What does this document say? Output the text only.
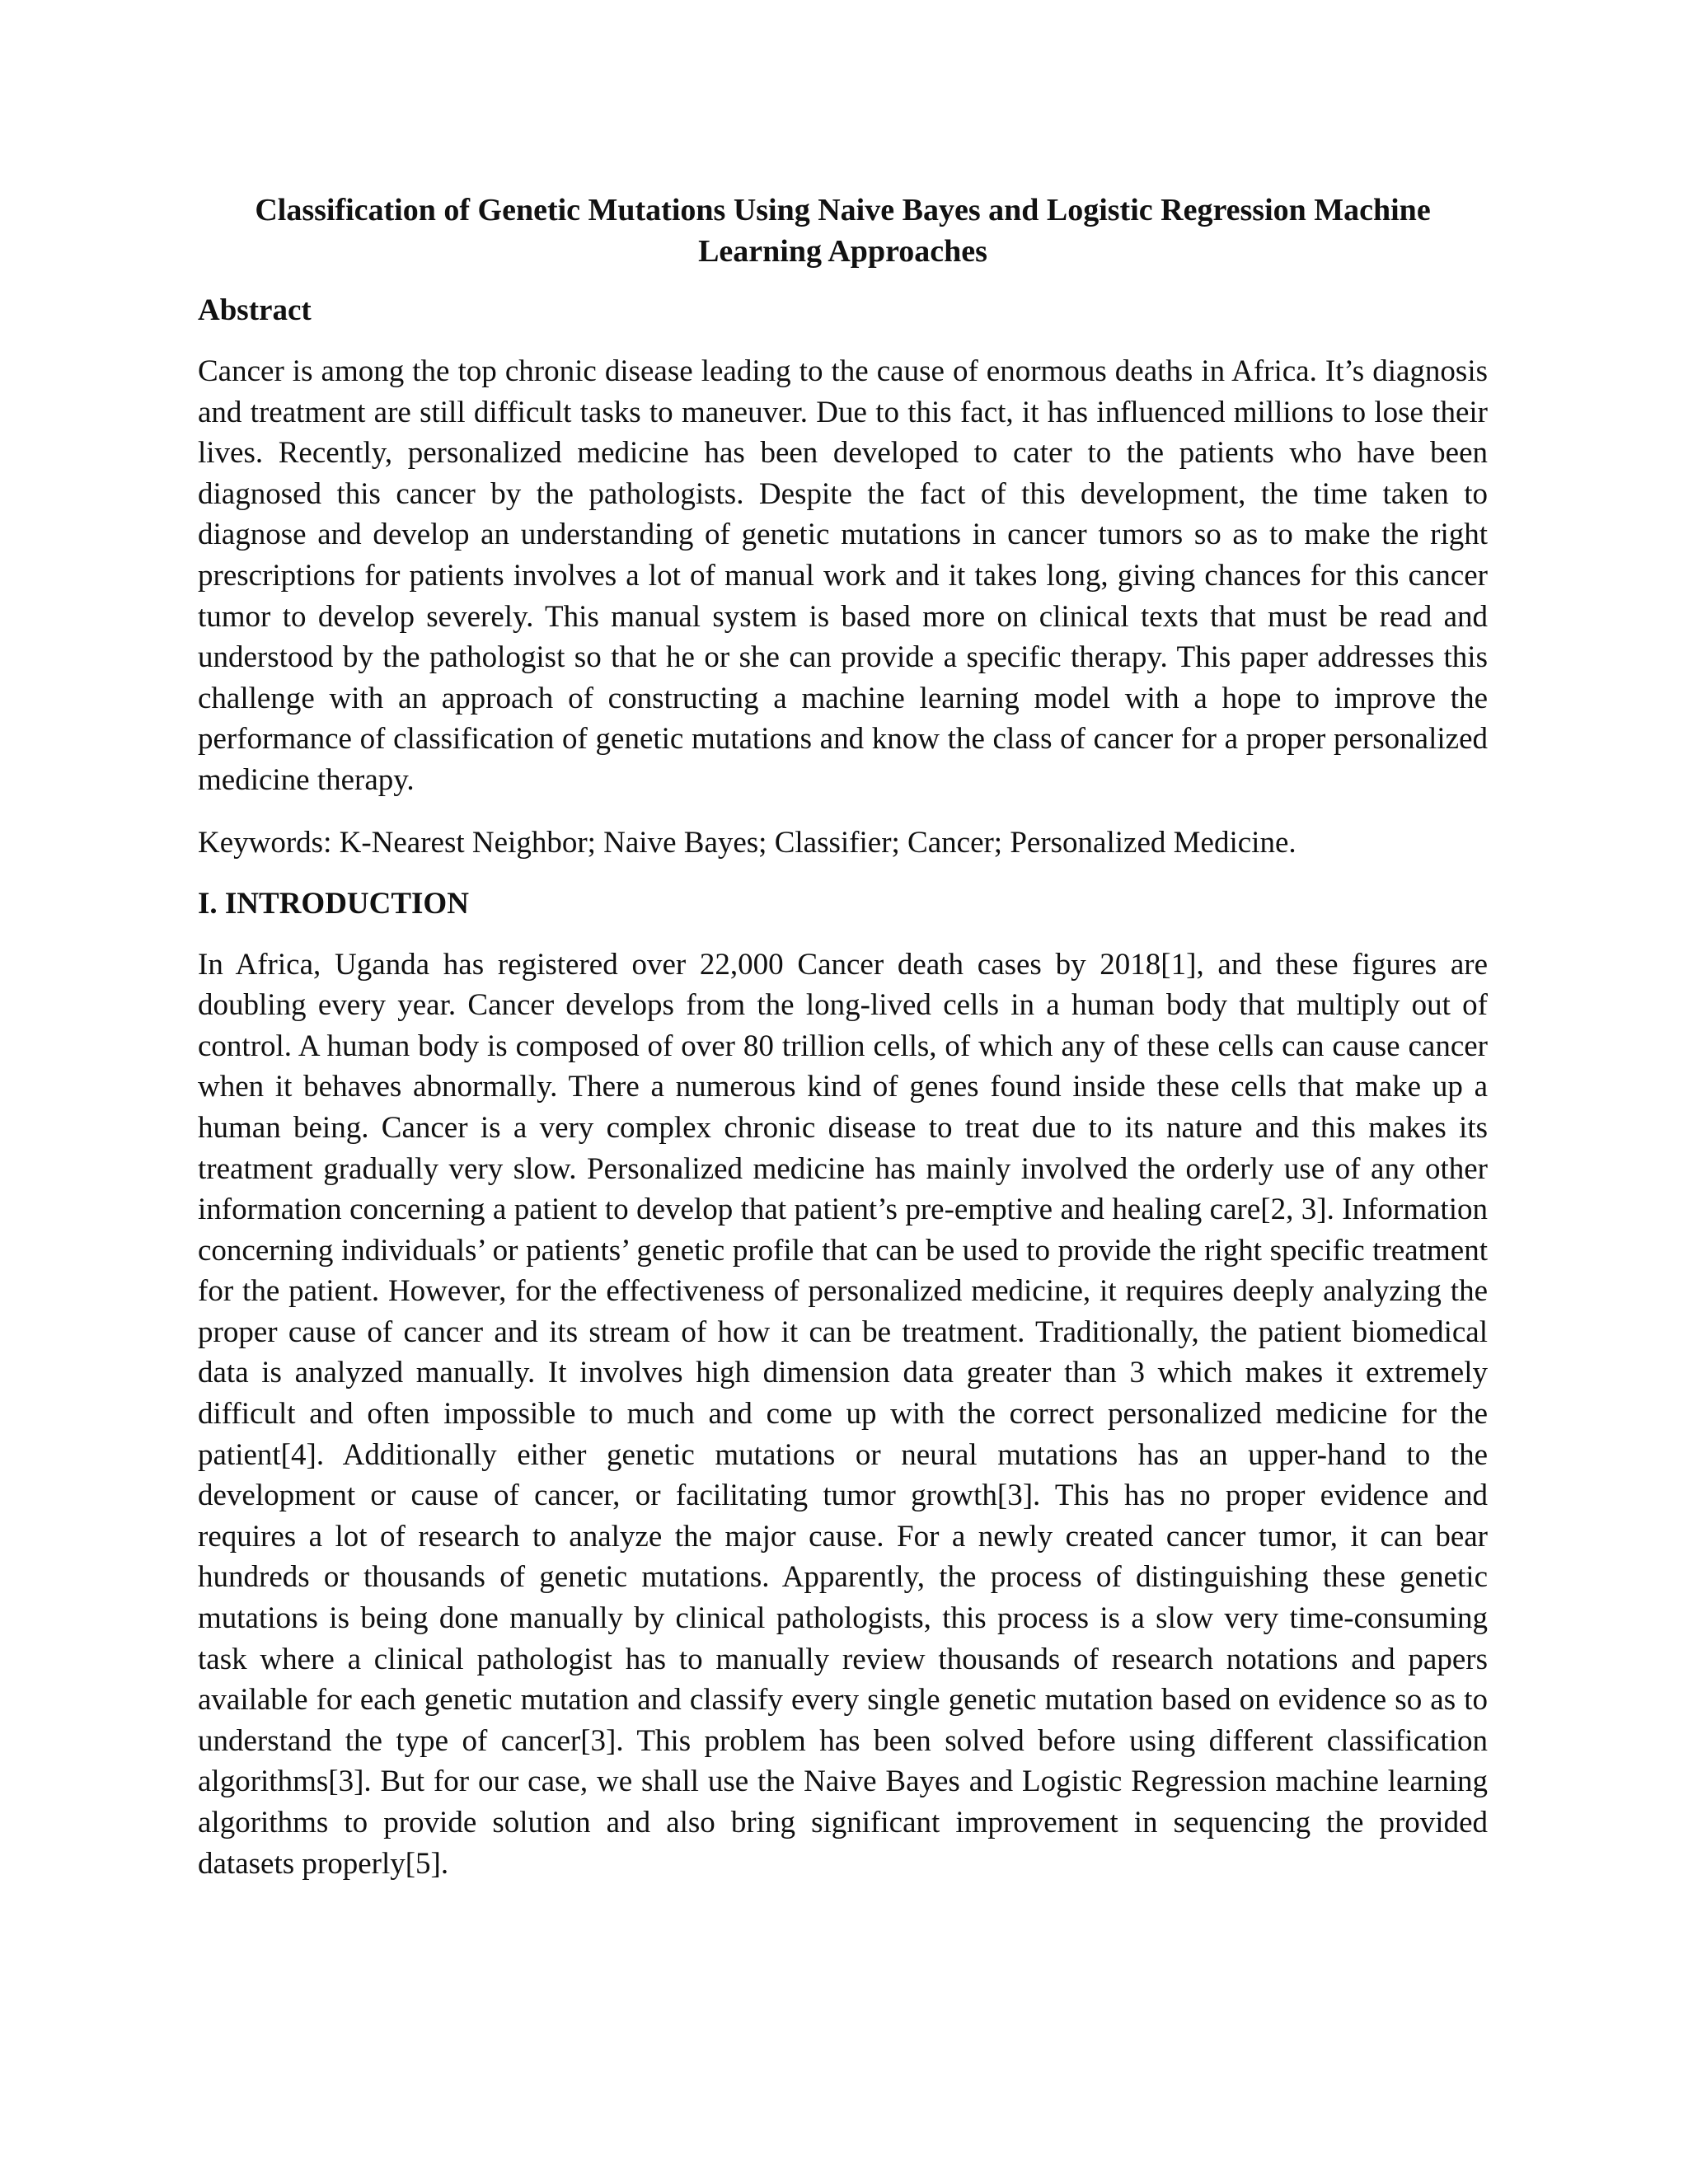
Classification of Genetic Mutations Using Naive Bayes and Logistic Regression Machine Learning Approaches
Abstract

Cancer is among the top chronic disease leading to the cause of enormous deaths in Africa. It’s diagnosis and treatment are still difficult tasks to maneuver. Due to this fact, it has influenced millions to lose their lives. Recently, personalized medicine has been developed to cater to the patients who have been diagnosed this cancer by the pathologists. Despite the fact of this development, the time taken to diagnose and develop an understanding of genetic mutations in cancer tumors so as to make the right prescriptions for patients involves a lot of manual work and it takes long, giving chances for this cancer tumor to develop severely. This manual system is based more on clinical texts that must be read and understood by the pathologist so that he or she can provide a specific therapy. This paper addresses this challenge with an approach of constructing a machine learning model with a hope to improve the performance of classification of genetic mutations and know the class of cancer for a proper personalized medicine therapy.

Keywords: K-Nearest Neighbor; Naive Bayes; Classifier; Cancer; Personalized Medicine.

I. INTRODUCTION

In Africa, Uganda has registered over 22,000 Cancer death cases by 2018[1], and these figures are doubling every year. Cancer develops from the long-lived cells in a human body that multiply out of control. A human body is composed of over 80 trillion cells, of which any of these cells can cause cancer when it behaves abnormally. There a numerous kind of genes found inside these cells that make up a human being. Cancer is a very complex chronic disease to treat due to its nature and this makes its treatment gradually very slow. Personalized medicine has mainly involved the orderly use of any other information concerning a patient to develop that patient’s pre-emptive and healing care[2, 3]. Information concerning individuals’ or patients’ genetic profile that can be used to provide the right specific treatment for the patient. However, for the effectiveness of personalized medicine, it requires deeply analyzing the proper cause of cancer and its stream of how it can be treatment. Traditionally, the patient biomedical data is analyzed manually. It involves high dimension data greater than 3 which makes it extremely difficult and often impossible to much and come up with the correct personalized medicine for the patient[4]. Additionally either genetic mutations or neural mutations has an upper-hand to the development or cause of cancer, or facilitating tumor growth[3]. This has no proper evidence and requires a lot of research to analyze the major cause. For a newly created cancer tumor, it can bear hundreds or thousands of genetic mutations. Apparently, the process of distinguishing these genetic mutations is being done manually by clinical pathologists, this process is a slow very time-consuming task where a clinical pathologist has to manually review thousands of research notations and papers available for each genetic mutation and classify every single genetic mutation based on evidence so as to understand the type of cancer[3]. This problem has been solved before using different classification algorithms[3]. But for our case, we shall use the Naive Bayes and Logistic Regression machine learning algorithms to provide solution and also bring significant improvement in sequencing the provided datasets properly[5].
